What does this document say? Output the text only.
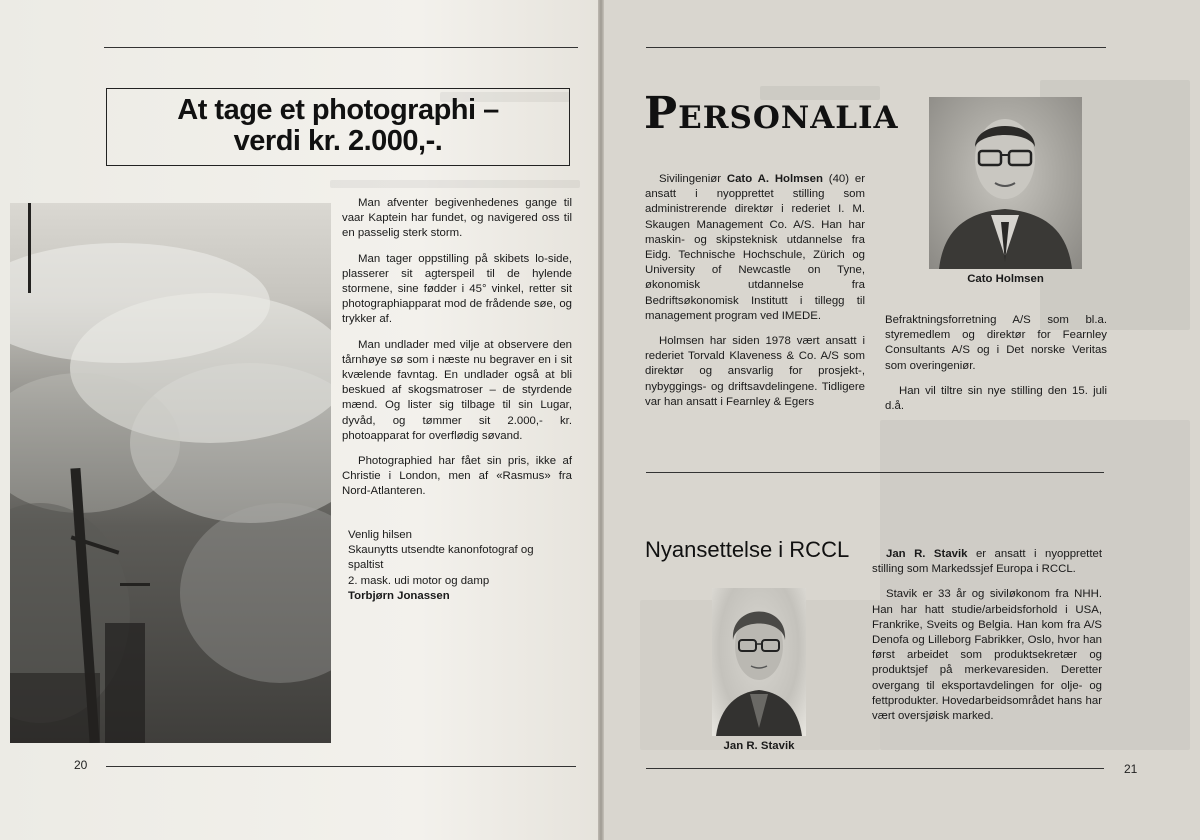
At tage et photographi –
verdi kr. 2.000,-.

Man afventer begivenhedenes gange til vaar Kaptein har fundet, og navigered oss til en passelig sterk storm.

Man tager oppstilling på skibets lo-side, plasserer sit agterspeil til de hylende stormene, sine fødder i 45° vinkel, retter sit photographiapparat mod de frådende søe, og trykker af.

Man undlader med vilje at observere den tårnhøye sø som i næste nu begraver en i sit kvælende favntag. En undlader også at bli beskued af skogsmatroser – de styrdende mænd. Og lister sig tilbage til sin Lugar, dyvåd, og tømmer sit 2.000,- kr. photoapparat for overflødig søvand.

Photographied har fået sin pris, ikke af Christie i London, men af «Rasmus» fra Nord-Atlanteren.

Venlig hilsen
Skaunytts utsendte kanonfotograf og
spaltist
2. mask. udi motor og damp
Torbjørn Jonassen
20
Personalia

Sivilingeniør Cato A. Holmsen (40) er ansatt i nyopprettet stilling som administrerende direktør i rederiet I. M. Skaugen Management Co. A/S. Han har maskin- og skipsteknisk utdannelse fra Eidg. Technische Hochschule, Zürich og University of Newcastle on Tyne, økonomisk utdannelse fra Bedriftsøkonomisk Institutt i tillegg til management program ved IMEDE.

Holmsen har siden 1978 vært ansatt i rederiet Torvald Klaveness & Co. A/S som direktør og ansvarlig for prosjekt-, nybyggings- og driftsavdelingene. Tidligere var han ansatt i Fearnley & Egers

Cato Holmsen

Befraktningsforretning A/S som bl.a. styremedlem og direktør for Fearnley Consultants A/S og i Det norske Veritas som overingeniør.

Han vil tiltre sin nye stilling den 15. juli d.å.

Nyansettelse i RCCL	Jan R. Stavik er ansatt i nyopprettet stilling som Markedssjef Europa i RCCL.

Stavik er 33 år og siviløkonom fra NHH. Han har hatt studie/arbeidsforhold i USA, Frankrike, Sveits og Belgia. Han kom fra A/S Denofa og Lilleborg Fabrikker, Oslo, hvor han først arbeidet som produktsekretær og produktsjef på merkevaresiden. Deretter overgang til eksportavdelingen for olje- og fettprodukter. Hovedarbeidsområdet hans har vært oversjøisk marked.

Jan R. Stavik
21
